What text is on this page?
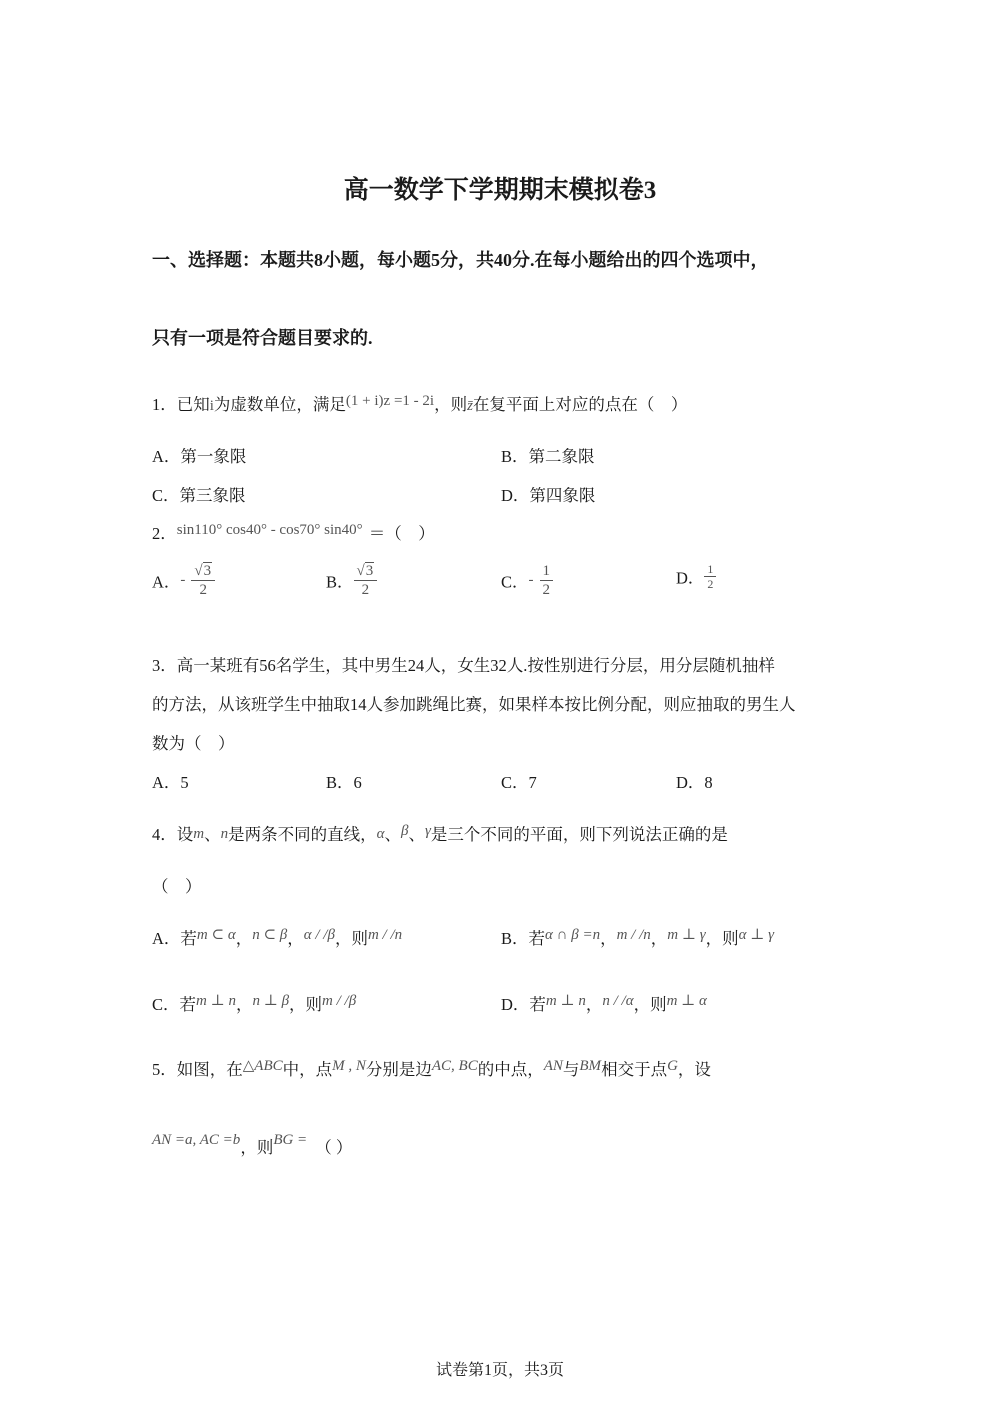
高一数学下学期期末模拟卷3
一、选择题：本题共8小题，每小题5分，共40分.在每小题给出的四个选项中，
只有一项是符合题目要求的.
1．已知i为虚数单位，满足(1 + i)z =1 - 2i，则z̄在复平面上对应的点在（　）
A．第一象限	B．第二象限
C．第三象限	D．第四象限
2．sin110° cos40° - cos70° sin40° ＝（　）
A．- $\frac{√3}{2}$	B． $\frac{√3}{2}$	C．- $\frac{1}{2}$	D． $\frac{1}{2}$
3．高一某班有56名学生，其中男生24人，女生32人.按性别进行分层，用分层随机抽样
的方法，从该班学生中抽取14人参加跳绳比赛，如果样本按比例分配，则应抽取的男生人
数为（　）
A．5	B．6	C．7	D．8
4．设m、n是两条不同的直线，α、β、γ是三个不同的平面，则下列说法正确的是
（　）
A．若m ⊂ α，n ⊂ β，α / /β，则m / /n	B．若α ∩ β =n，m / /n，m ⊥ γ，则α ⊥ γ
C．若m ⊥ n，n ⊥ β，则m / /β	D．若m ⊥ n，n / /α，则m ⊥ α
5．如图，在△ABC中，点M , N分别是边AC, BC的中点，AN与BM相交于点G，设
AN =a, AC =b，则BG = （ ）
试卷第1页，共3页
